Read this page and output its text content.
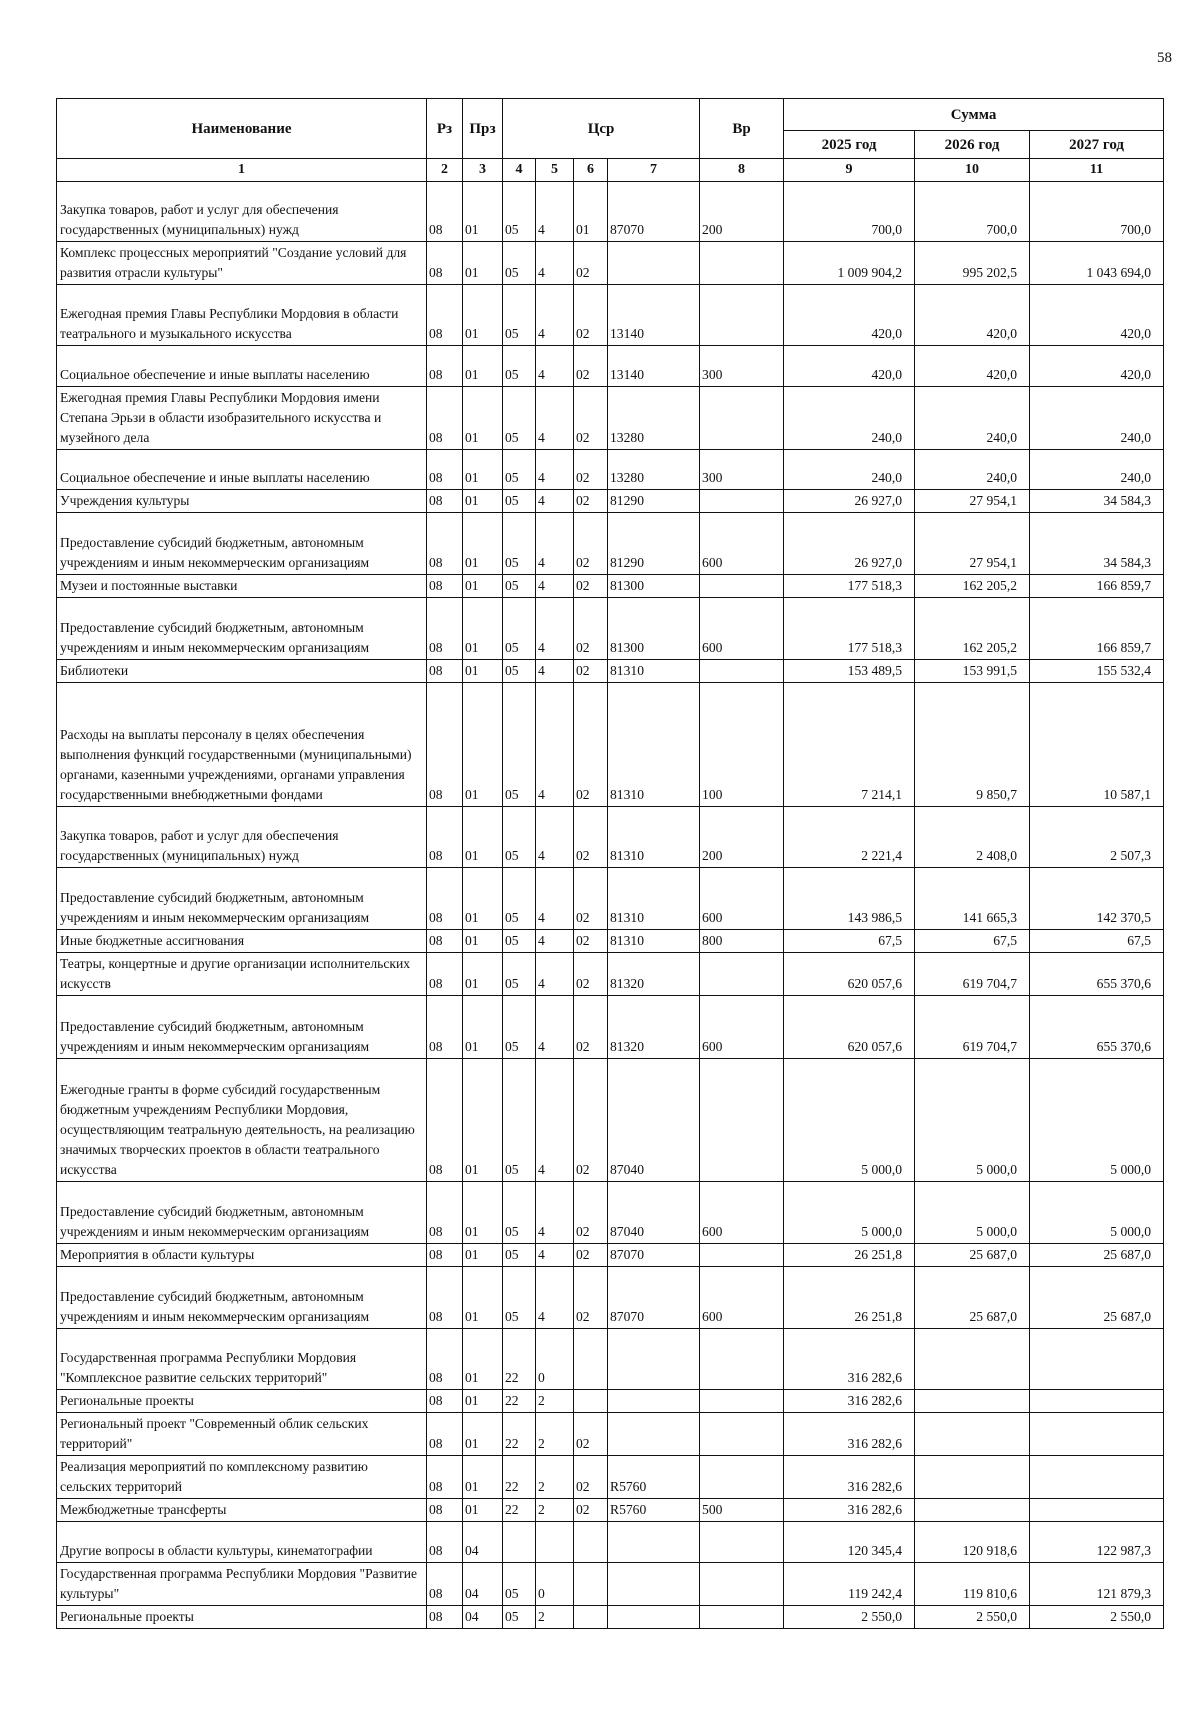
58
Наименование	Рз	Прз	Цср				Вр	Сумма		
								2025 год	2026 год	2027 год
1	2	3	4	5	6	7	8	9	10	11
Закупка товаров, работ и услуг для обеспечения государственных (муниципальных) нужд	08	01	05	4	01	87070	200	700,0	700,0	700,0
Комплекс процессных мероприятий "Создание условий для развития отрасли культуры"	08	01	05	4	02			1 009 904,2	995 202,5	1 043 694,0
Ежегодная премия Главы Республики Мордовия в области театрального и музыкального искусства	08	01	05	4	02	13140		420,0	420,0	420,0
Социальное обеспечение и иные выплаты населению	08	01	05	4	02	13140	300	420,0	420,0	420,0
Ежегодная премия Главы Республики Мордовия имени Степана Эрьзи в области изобразительного искусства и музейного дела	08	01	05	4	02	13280		240,0	240,0	240,0
Социальное обеспечение и иные выплаты населению	08	01	05	4	02	13280	300	240,0	240,0	240,0
Учреждения культуры	08	01	05	4	02	81290		26 927,0	27 954,1	34 584,3
Предоставление субсидий бюджетным, автономным учреждениям и иным некоммерческим организациям	08	01	05	4	02	81290	600	26 927,0	27 954,1	34 584,3
Музеи и постоянные выставки	08	01	05	4	02	81300		177 518,3	162 205,2	166 859,7
Предоставление субсидий бюджетным, автономным учреждениям и иным некоммерческим организациям	08	01	05	4	02	81300	600	177 518,3	162 205,2	166 859,7
Библиотеки	08	01	05	4	02	81310		153 489,5	153 991,5	155 532,4
Расходы на выплаты персоналу в целях обеспечения выполнения функций государственными (муниципальными) органами, казенными учреждениями, органами управления государственными внебюджетными фондами	08	01	05	4	02	81310	100	7 214,1	9 850,7	10 587,1
Закупка товаров, работ и услуг для обеспечения государственных (муниципальных) нужд	08	01	05	4	02	81310	200	2 221,4	2 408,0	2 507,3
Предоставление субсидий бюджетным, автономным учреждениям и иным некоммерческим организациям	08	01	05	4	02	81310	600	143 986,5	141 665,3	142 370,5
Иные бюджетные ассигнования	08	01	05	4	02	81310	800	67,5	67,5	67,5
Театры, концертные и другие организации исполнительских искусств	08	01	05	4	02	81320		620 057,6	619 704,7	655 370,6
Предоставление субсидий бюджетным, автономным учреждениям и иным некоммерческим организациям	08	01	05	4	02	81320	600	620 057,6	619 704,7	655 370,6
Ежегодные гранты в форме субсидий государственным бюджетным учреждениям Республики Мордовия, осуществляющим театральную деятельность, на реализацию значимых творческих проектов в области театрального искусства	08	01	05	4	02	87040		5 000,0	5 000,0	5 000,0
Предоставление субсидий бюджетным, автономным учреждениям и иным некоммерческим организациям	08	01	05	4	02	87040	600	5 000,0	5 000,0	5 000,0
Мероприятия в области культуры	08	01	05	4	02	87070		26 251,8	25 687,0	25 687,0
Предоставление субсидий бюджетным, автономным учреждениям и иным некоммерческим организациям	08	01	05	4	02	87070	600	26 251,8	25 687,0	25 687,0
Государственная программа Республики Мордовия "Комплексное развитие сельских территорий"	08	01	22	0				316 282,6		
Региональные проекты	08	01	22	2				316 282,6		
Региональный проект "Современный облик сельских территорий"	08	01	22	2	02			316 282,6		
Реализация мероприятий по комплексному развитию сельских территорий	08	01	22	2	02	R5760		316 282,6		
Межбюджетные трансферты	08	01	22	2	02	R5760	500	316 282,6		
Другие вопросы в области культуры, кинематографии	08	04						120 345,4	120 918,6	122 987,3
Государственная программа Республики Мордовия "Развитие культуры"	08	04	05	0				119 242,4	119 810,6	121 879,3
Региональные проекты	08	04	05	2				2 550,0	2 550,0	2 550,0
